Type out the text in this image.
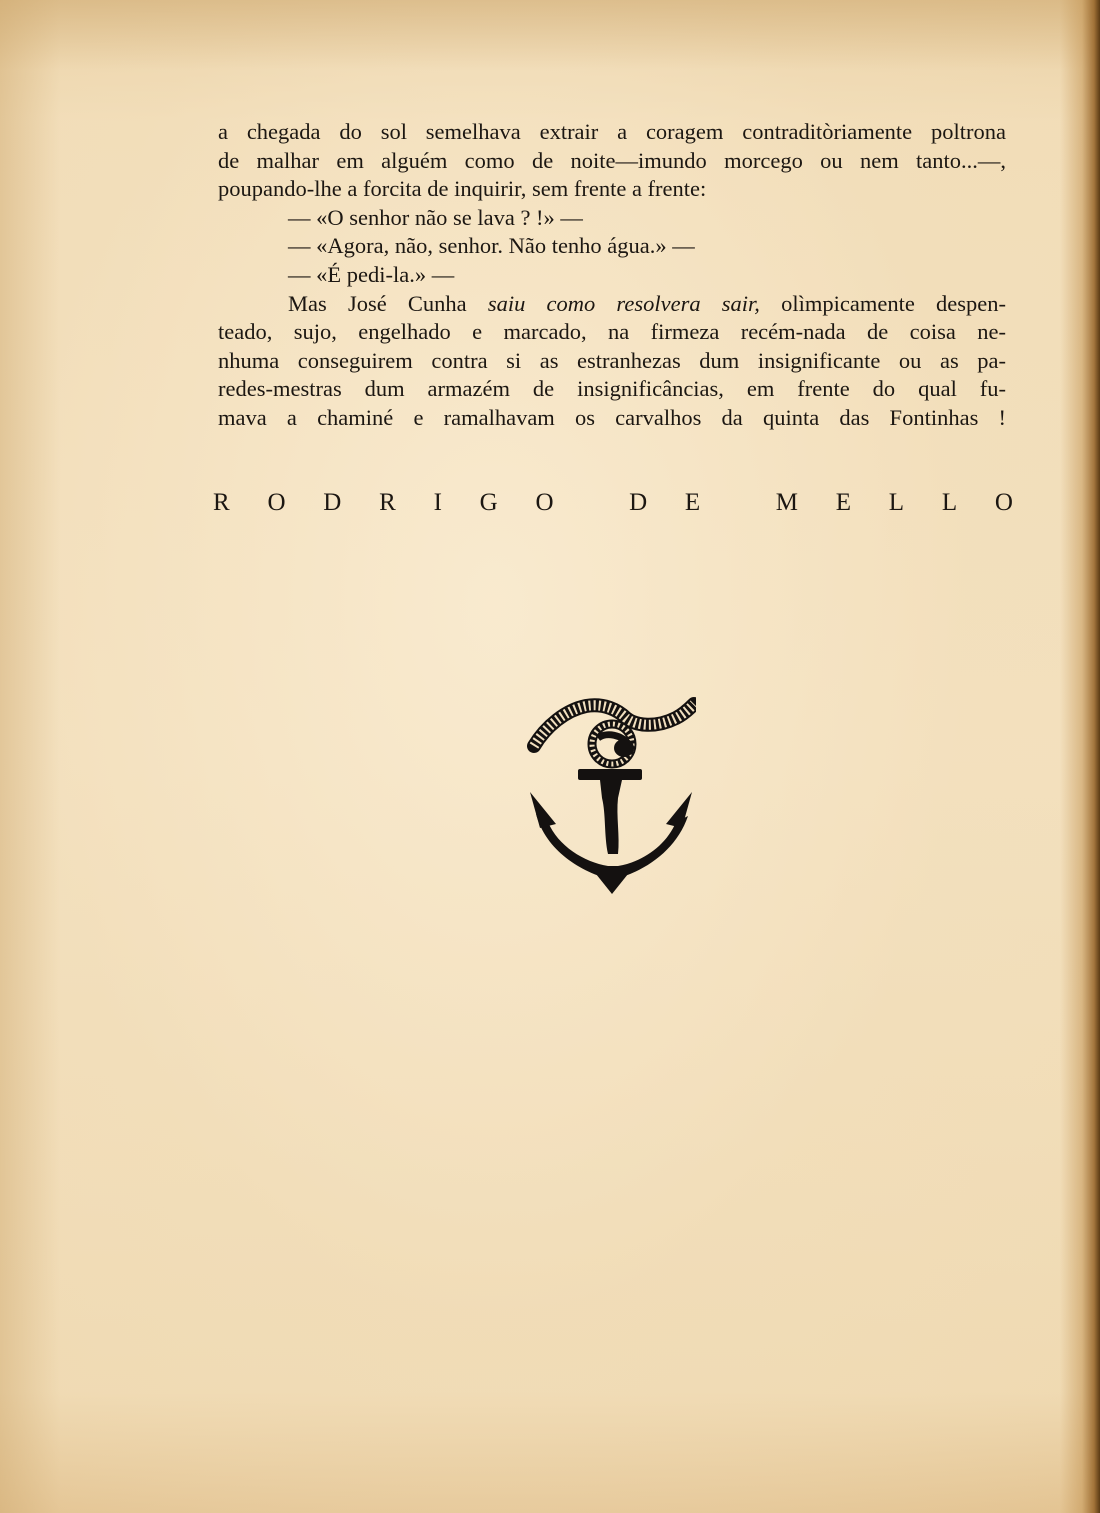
a chegada do sol semelhava extrair a coragem contraditòriamente poltrona
de malhar em alguém como de noite—imundo morcego ou nem tanto...—,
poupando-lhe a forcita de inquirir, sem frente a frente:
— «O senhor não se lava ? !» —
— «Agora, não, senhor. Não tenho água.» —
— «É pedi-la.» —
Mas José Cunha saiu como resolvera sair, olìmpicamente despen-
teado, sujo, engelhado e marcado, na firmeza recém-nada de coisa ne-
nhuma conseguirem contra si as estranhezas dum insignificante ou as pa-
redes-mestras dum armazém de insignificâncias, em frente do qual fu-
mava a chaminé e ramalhavam os carvalhos da quinta das Fontinhas !
R O D R I G O	D E	M E L L O
